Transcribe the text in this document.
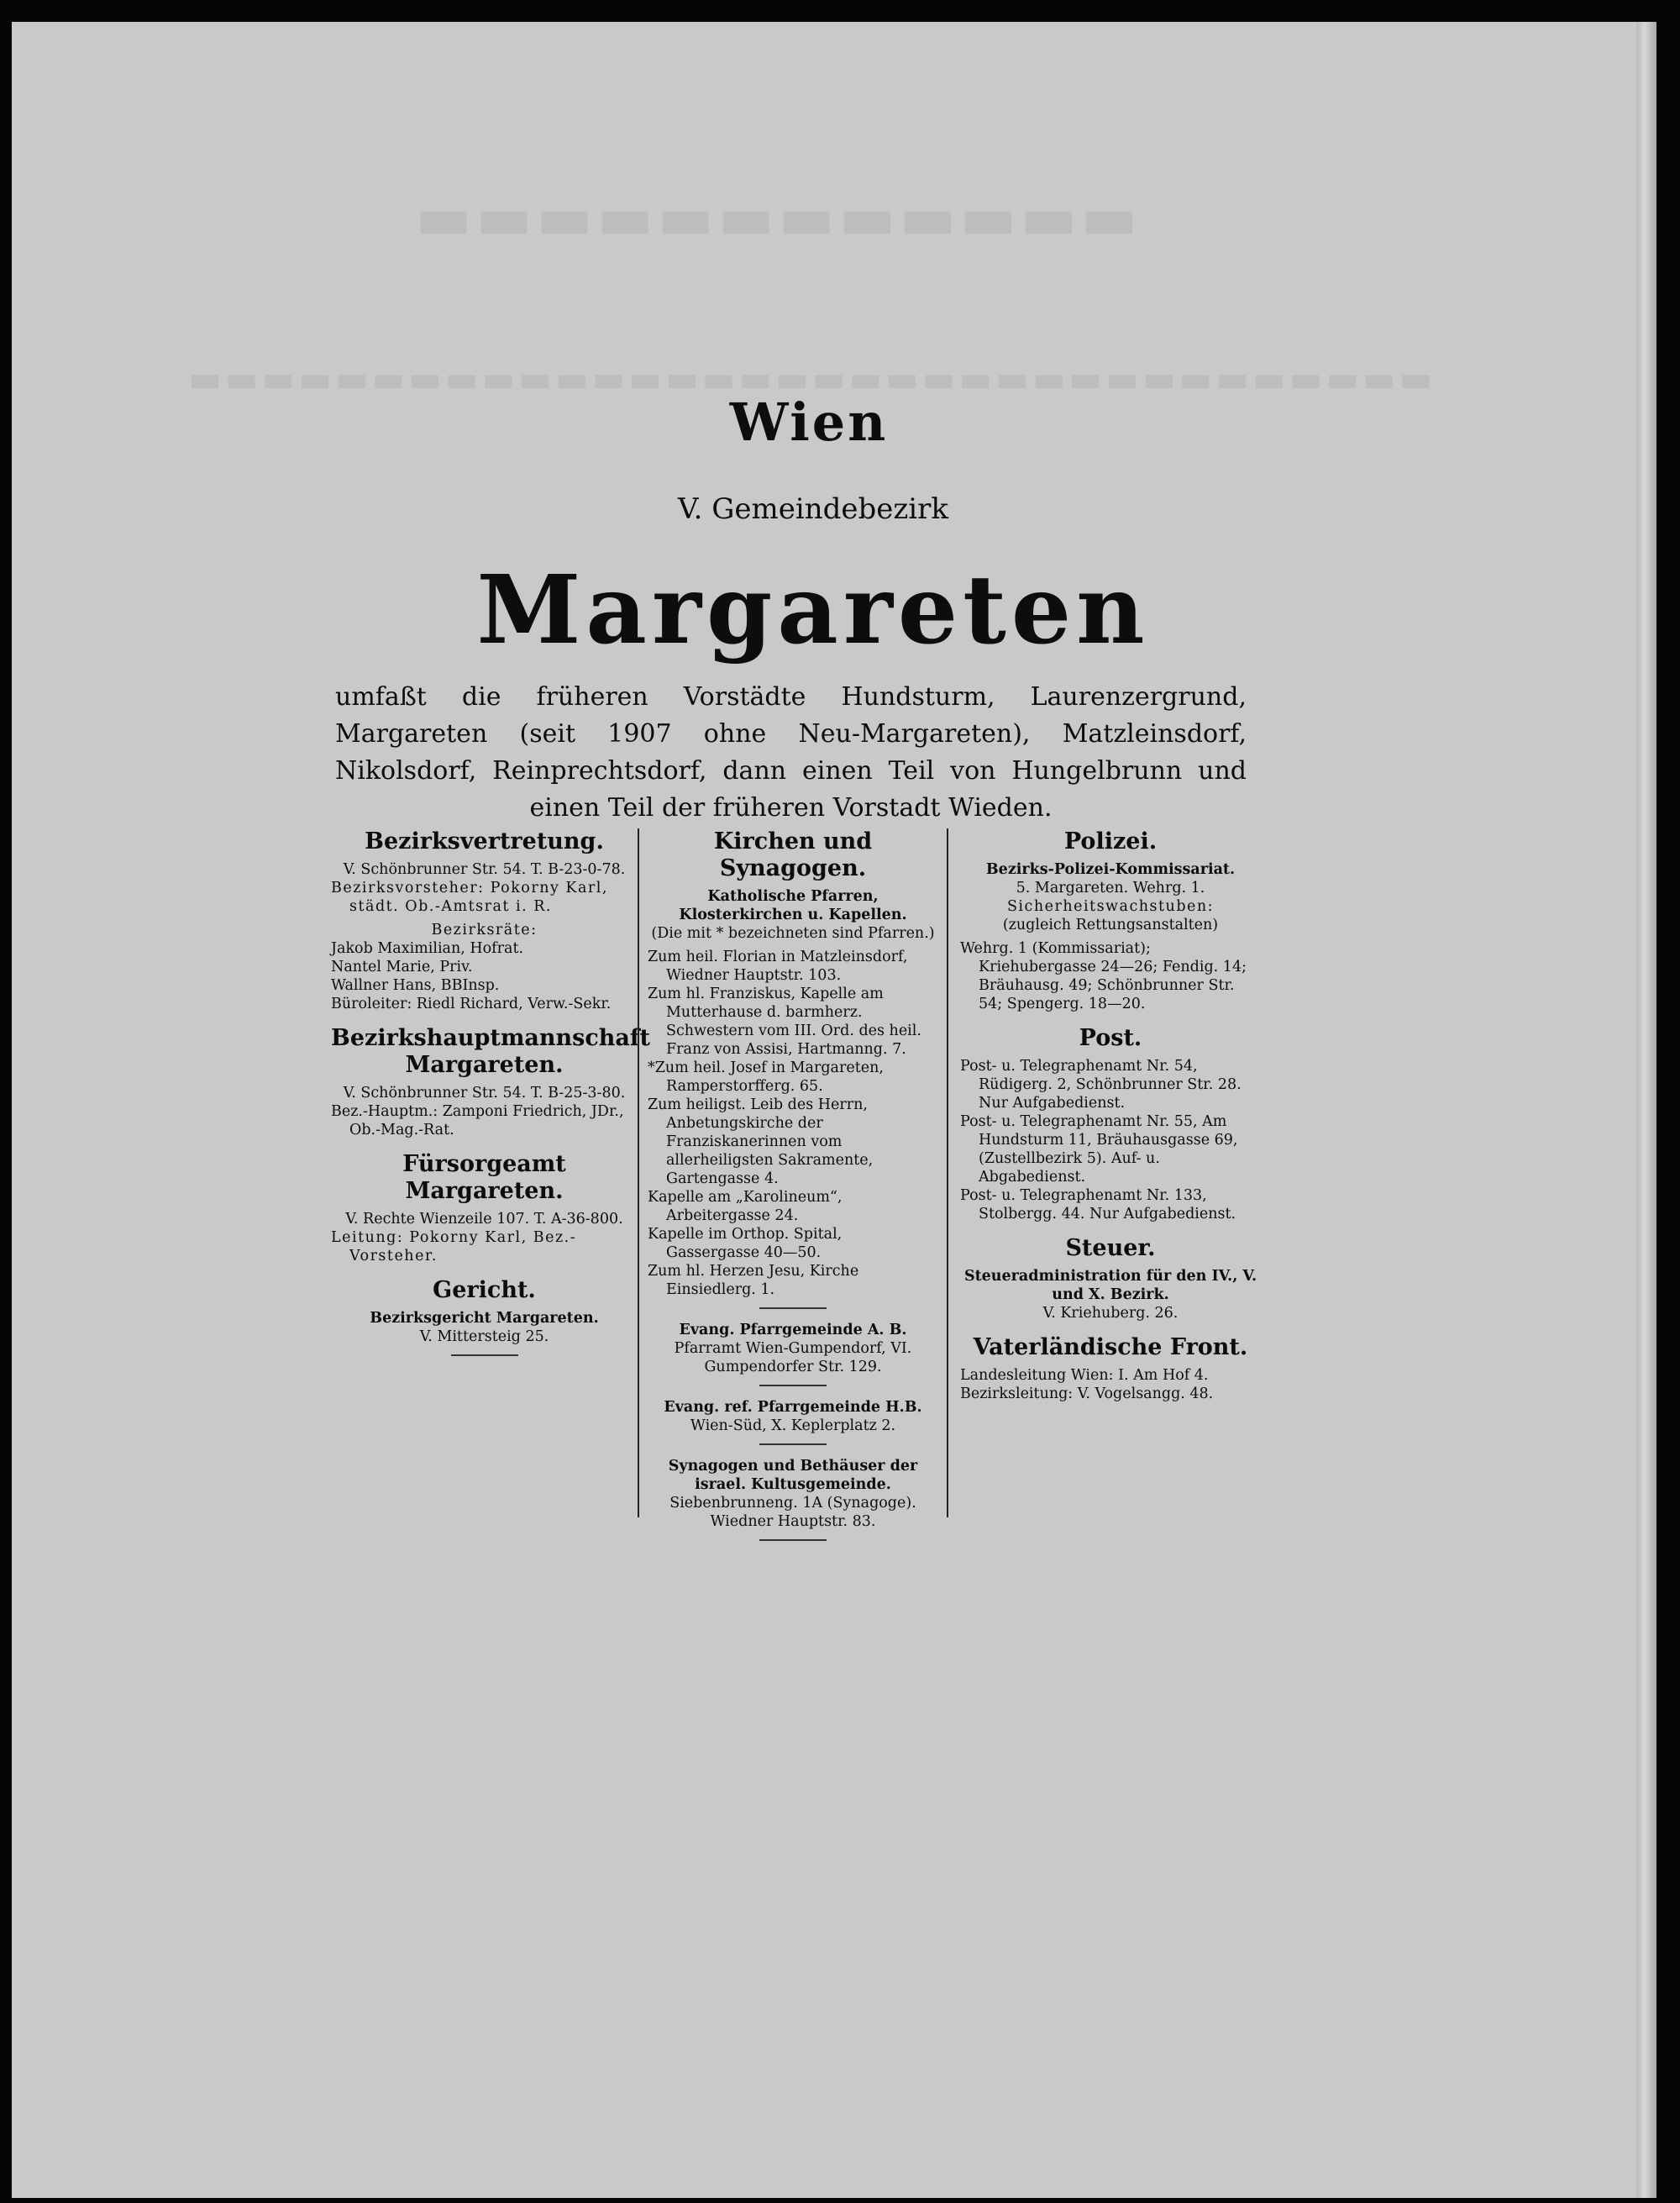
▬▬▬▬▬▬▬▬▬▬▬▬
▬▬▬▬▬▬▬▬▬▬▬▬▬▬▬▬▬▬▬▬▬▬▬▬▬▬▬▬▬▬▬▬▬▬
Wien
V. Gemeindebezirk
Margareten
umfaßt die früheren Vorstädte Hundsturm, Laurenzergrund, Margareten (seit 1907 ohne Neu-Margareten), Matzleinsdorf, Nikolsdorf, Reinprechtsdorf, dann einen Teil von Hungelbrunn und einen Teil der früheren Vorstadt Wieden.
Bezirksvertretung.

V. Schönbrunner Str. 54. T. B-23-0-78.

Bezirksvorsteher: Pokorny Karl, städt. Ob.-Amtsrat i. R.

Bezirksräte:

Jakob Maximilian, Hofrat.

Nantel Marie, Priv.

Wallner Hans, BBInsp.

Büroleiter: Riedl Richard, Verw.-Sekr.

Bezirkshauptmannschaft Margareten.

V. Schönbrunner Str. 54. T. B-25-3-80.

Bez.-Hauptm.: Zamponi Friedrich, JDr., Ob.-Mag.-Rat.

Fürsorgeamt Margareten.

V. Rechte Wienzeile 107. T. A-36-800.

Leitung: Pokorny Karl, Bez.-Vorsteher.

Gericht.
Bezirksgericht Margareten.

V. Mittersteig 25.

Kirchen und Synagogen.
Katholische Pfarren, Klosterkirchen u. Kapellen.

(Die mit * bezeichneten sind Pfarren.)

Zum heil. Florian in Matzleinsdorf, Wiedner Hauptstr. 103.

Zum hl. Franziskus, Kapelle am Mutterhause d. barmherz. Schwestern vom III. Ord. des heil. Franz von Assisi, Hartmanng. 7.

*Zum heil. Josef in Margareten, Ramperstorfferg. 65.

Zum heiligst. Leib des Herrn, Anbetungskirche der Franziskanerinnen vom allerheiligsten Sakramente, Gartengasse 4.

Kapelle am „Karolineum“, Arbeitergasse 24.

Kapelle im Orthop. Spital, Gassergasse 40—50.

Zum hl. Herzen Jesu, Kirche Einsiedlerg. 1.

Evang. Pfarrgemeinde A. B.

Pfarramt Wien-Gumpendorf, VI. Gumpendorfer Str. 129.

Evang. ref. Pfarrgemeinde H.B.

Wien-Süd, X. Keplerplatz 2.

Synagogen und Bethäuser der israel. Kultusgemeinde.

Siebenbrunneng. 1A (Synagoge). Wiedner Hauptstr. 83.

Polizei.
Bezirks-Polizei-Kommissariat.

5. Margareten. Wehrg. 1.

Sicherheitswachstuben:

(zugleich Rettungsanstalten)

Wehrg. 1 (Kommissariat); Kriehubergasse 24—26; Fendig. 14; Bräuhausg. 49; Schönbrunner Str. 54; Spengerg. 18—20.

Post.

Post- u. Telegraphenamt Nr. 54, Rüdigerg. 2, Schönbrunner Str. 28. Nur Aufgabedienst.

Post- u. Telegraphenamt Nr. 55, Am Hundsturm 11, Bräuhausgasse 69, (Zustellbezirk 5). Auf- u. Abgabedienst.

Post- u. Telegraphenamt Nr. 133, Stolbergg. 44. Nur Aufgabedienst.

Steuer.
Steueradministration für den IV., V. und X. Bezirk.

V. Kriehuberg. 26.

Vaterländische Front.

Landesleitung Wien: I. Am Hof 4.

Bezirksleitung: V. Vogelsangg. 48.
